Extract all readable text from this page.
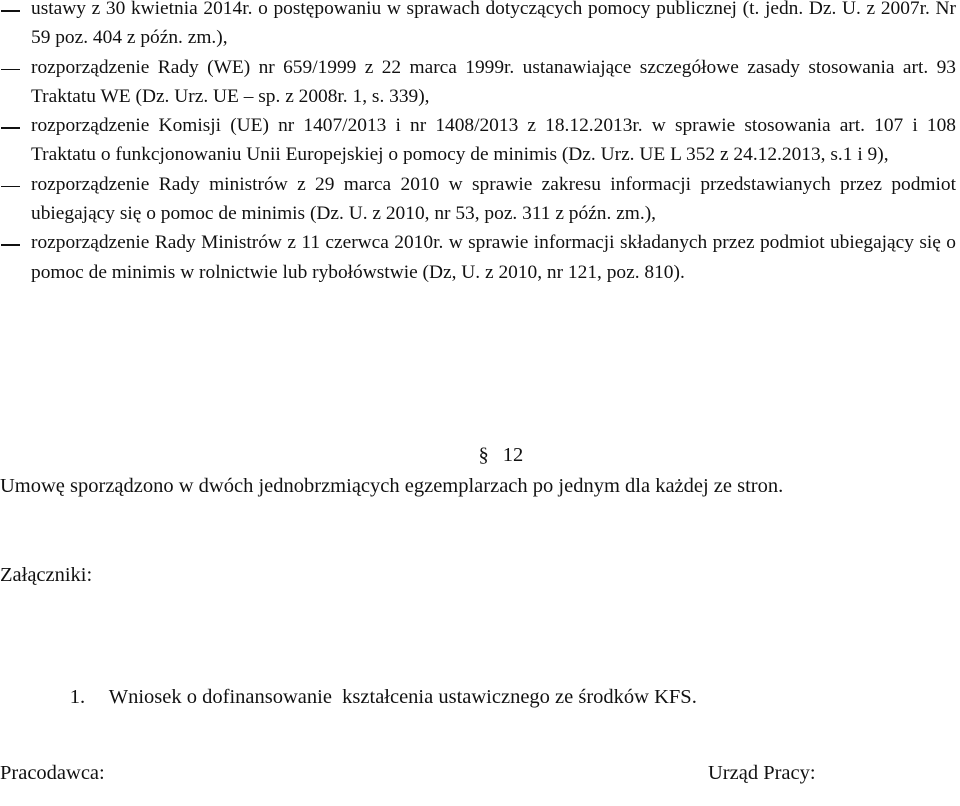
ustawy z 30 kwietnia 2014r. o postępowaniu w sprawach dotyczących pomocy publicznej (t. jedn. Dz. U. z 2007r. Nr 59 poz. 404 z późn. zm.),
rozporządzenie Rady (WE) nr 659/1999 z 22 marca 1999r. ustanawiające szczegółowe zasady stosowania art. 93 Traktatu WE (Dz. Urz. UE – sp. z 2008r. 1, s. 339),
rozporządzenie Komisji (UE) nr 1407/2013 i nr 1408/2013 z 18.12.2013r. w sprawie stosowania art. 107 i 108 Traktatu o funkcjonowaniu Unii Europejskiej o pomocy de minimis (Dz. Urz. UE L 352 z 24.12.2013, s.1 i 9),
rozporządzenie Rady ministrów z 29 marca 2010 w sprawie zakresu informacji przedstawianych przez podmiot ubiegający się o pomoc de minimis (Dz. U. z 2010, nr 53, poz. 311 z późn. zm.),
rozporządzenie Rady Ministrów z 11 czerwca 2010r. w sprawie informacji składanych przez podmiot ubiegający się o pomoc de minimis w rolnictwie lub rybołówstwie (Dz, U. z 2010, nr 121, poz. 810).

§ 12

Umowę sporządzono w dwóch jednobrzmiących egzemplarzach po jednym dla każdej ze stron.

Załączniki:

1. Wniosek o dofinansowanie  kształcenia ustawicznego ze środków KFS.

Pracodawca:	Urząd Pracy:
